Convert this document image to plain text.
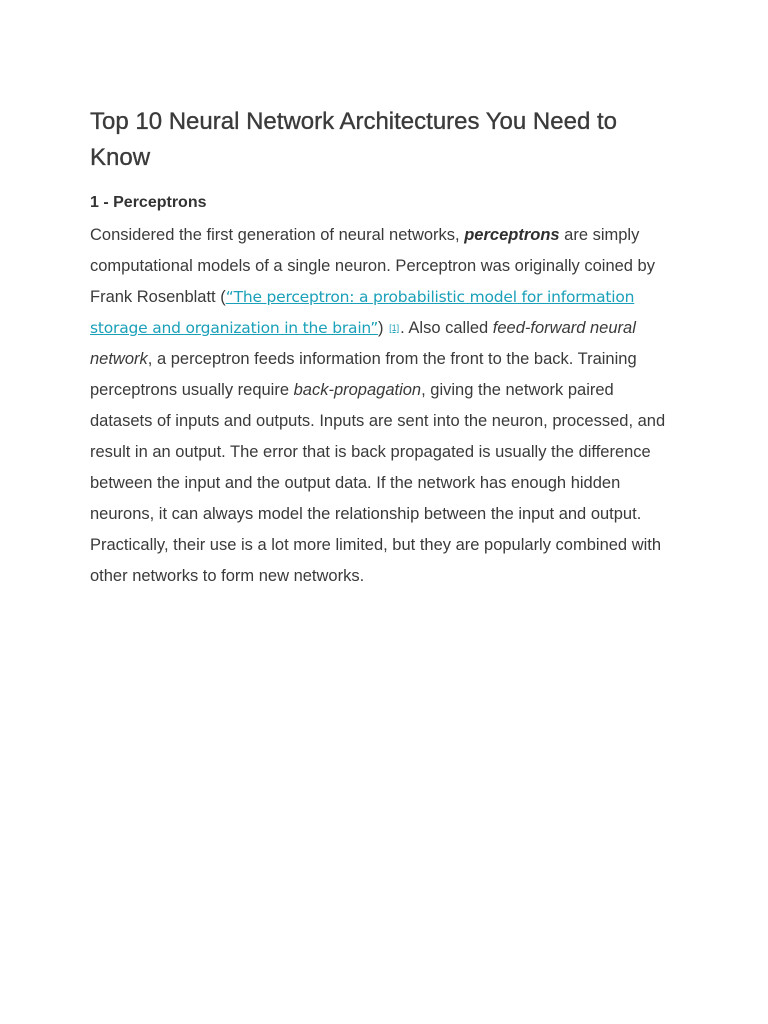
Top 10 Neural Network Architectures You Need to Know
1 - Perceptrons

Considered the first generation of neural networks, perceptrons are simply computational models of a single neuron. Perceptron was originally coined by Frank Rosenblatt (“The perceptron: a probabilistic model for information storage and organization in the brain”) [1]. Also called feed-forward neural network, a perceptron feeds information from the front to the back. Training perceptrons usually require back-propagation, giving the network paired datasets of inputs and outputs. Inputs are sent into the neuron, processed, and result in an output. The error that is back propagated is usually the difference between the input and the output data. If the network has enough hidden neurons, it can always model the relationship between the input and output. Practically, their use is a lot more limited, but they are popularly combined with other networks to form new networks.
